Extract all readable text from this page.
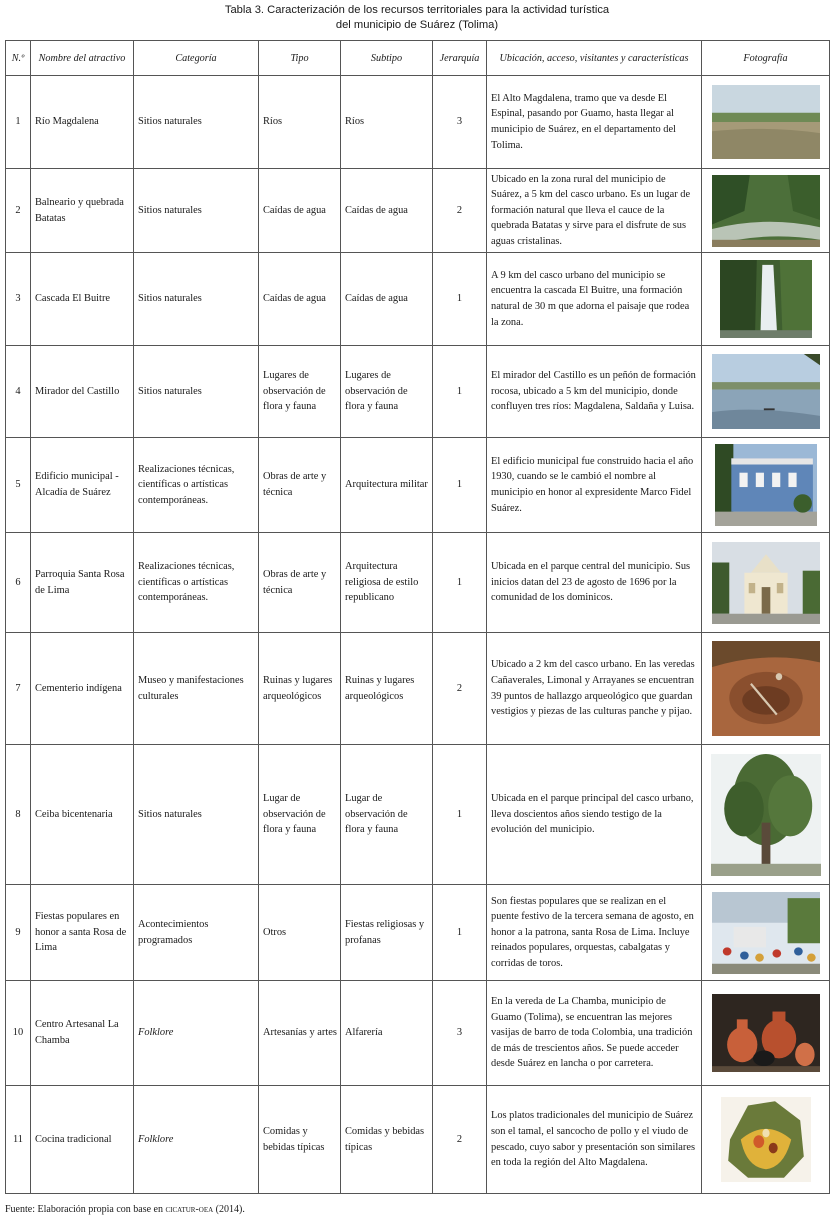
Tabla 3. Caracterización de los recursos territoriales para la actividad turística
del municipio de Suárez (Tolima)
N.º	Nombre del atractivo	Categoría	Tipo	Subtipo	Jerarquía	Ubicación, acceso, visitantes y características	Fotografía
1	Río Magdalena	Sitios naturales	Ríos	Ríos	3	El Alto Magdalena, tramo que va desde El Espinal, pasando por Guamo, hasta llegar al municipio de Suárez, en el departamento del Tolima.	

2	Balneario y quebrada Batatas	Sitios naturales	Caídas de agua	Caídas de agua	2	Ubicado en la zona rural del municipio de Suárez, a 5 km del casco urbano. Es un lugar de formación natural que lleva el cauce de la quebrada Batatas y sirve para el disfrute de sus aguas cristalinas.	

3	Cascada El Buitre	Sitios naturales	Caídas de agua	Caídas de agua	1	A 9 km del casco urbano del municipio se encuentra la cascada El Buitre, una formación natural de 30 m que adorna el paisaje que rodea la zona.	

4	Mirador del Castillo	Sitios naturales	Lugares de observación de flora y fauna	Lugares de observación de flora y fauna	1	El mirador del Castillo es un peñón de formación rocosa, ubicado a 5 km del municipio, donde confluyen tres ríos: Magdalena, Saldaña y Luisa.	

5	Edificio municipal - Alcadía de Suárez	Realizaciones técnicas, científicas o artísticas contemporáneas.	Obras de arte y técnica	Arquitectura militar	1	El edificio municipal fue construido hacia el año 1930, cuando se le cambió el nombre al municipio en honor al expresidente Marco Fidel Suárez.	

6	Parroquia Santa Rosa de Lima	Realizaciones técnicas, científicas o artísticas contemporáneas.	Obras de arte y técnica	Arquitectura religiosa de estilo republicano	1	Ubicada en el parque central del municipio. Sus inicios datan del 23 de agosto de 1696 por la comunidad de los dominicos.	

7	Cementerio indígena	Museo y manifestaciones culturales	Ruinas y lugares arqueológicos	Ruinas y lugares arqueológicos	2	Ubicado a 2 km del casco urbano. En las veredas Cañaverales, Limonal y Arrayanes se encuentran 39 puntos de hallazgo arqueológico que guardan vestigios y piezas de las culturas panche y pijao.	

8	Ceiba bicentenaria	Sitios naturales	Lugar de observación de flora y fauna	Lugar de observación de flora y fauna	1	Ubicada en el parque principal del casco urbano, lleva doscientos años siendo testigo de la evolución del municipio.	

9	Fiestas populares en honor a santa Rosa de Lima	Acontecimientos programados	Otros	Fiestas religiosas y profanas	1	Son fiestas populares que se realizan en el puente festivo de la tercera semana de agosto, en honor a la patrona, santa Rosa de Lima. Incluye reinados populares, orquestas, cabalgatas y corridas de toros.	

10	Centro Artesanal La Chamba	Folklore	Artesanías y artes	Alfarería	3	En la vereda de La Chamba, municipio de Guamo (Tolima), se encuentran las mejores vasijas de barro de toda Colombia, una tradición de más de trescientos años. Se puede acceder desde Suárez en lancha o por carretera.	

11	Cocina tradicional	Folklore	Comidas y bebidas típicas	Comidas y bebidas típicas	2	Los platos tradicionales del municipio de Suárez son el tamal, el sancocho de pollo y el viudo de pescado, cuyo sabor y presentación son similares en toda la región del Alto Magdalena.	
Fuente: Elaboración propia con base en cicatur-oea (2014).
